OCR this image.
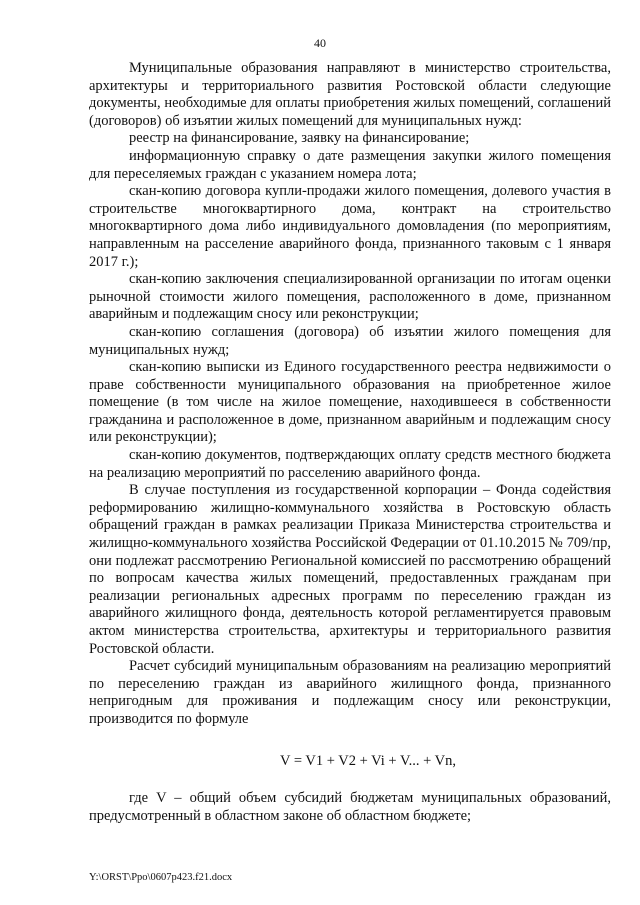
40

Муниципальные образования направляют в министерство строительства, архитектуры и территориального развития Ростовской области следующие документы, необходимые для оплаты приобретения жилых помещений, соглашений (договоров) об изъятии жилых помещений для муниципальных нужд:

реестр на финансирование, заявку на финансирование;

информационную справку о дате размещения закупки жилого помещения для переселяемых граждан с указанием номера лота;

скан-копию договора купли-продажи жилого помещения, долевого участия в строительстве многоквартирного дома, контракт на строительство многоквартирного дома либо индивидуального домовладения (по мероприятиям, направленным на расселение аварийного фонда, признанного таковым с 1 января 2017 г.);

скан-копию заключения специализированной организации по итогам оценки рыночной стоимости жилого помещения, расположенного в доме, признанном аварийным и подлежащим сносу или реконструкции;

скан-копию соглашения (договора) об изъятии жилого помещения для муниципальных нужд;

скан-копию выписки из Единого государственного реестра недвижимости о праве собственности муниципального образования на приобретенное жилое помещение (в том числе на жилое помещение, находившееся в собственности гражданина и расположенное в доме, признанном аварийным и подлежащим сносу или реконструкции);

скан-копию документов, подтверждающих оплату средств местного бюджета на реализацию мероприятий по расселению аварийного фонда.

В случае поступления из государственной корпорации – Фонда содействия реформированию жилищно-коммунального хозяйства в Ростовскую область обращений граждан в рамках реализации Приказа Министерства строительства и жилищно-коммунального хозяйства Российской Федерации от 01.10.2015 № 709/пр, они подлежат рассмотрению Региональной комиссией по рассмотрению обращений по вопросам качества жилых помещений, предоставленных гражданам при реализации региональных адресных программ по переселению граждан из аварийного жилищного фонда, деятельность которой регламентируется правовым актом министерства строительства, архитектуры и территориального развития Ростовской области.

Расчет субсидий муниципальным образованиям на реализацию мероприятий по переселению граждан из аварийного жилищного фонда, признанного непригодным для проживания и подлежащим сносу или реконструкции, производится по формуле

V = V1 + V2 + Vi + V... + Vn,

где V – общий объем субсидий бюджетам муниципальных образований, предусмотренный в областном законе об областном бюджете;

Y:\ORST\Ppo\0607p423.f21.docx
